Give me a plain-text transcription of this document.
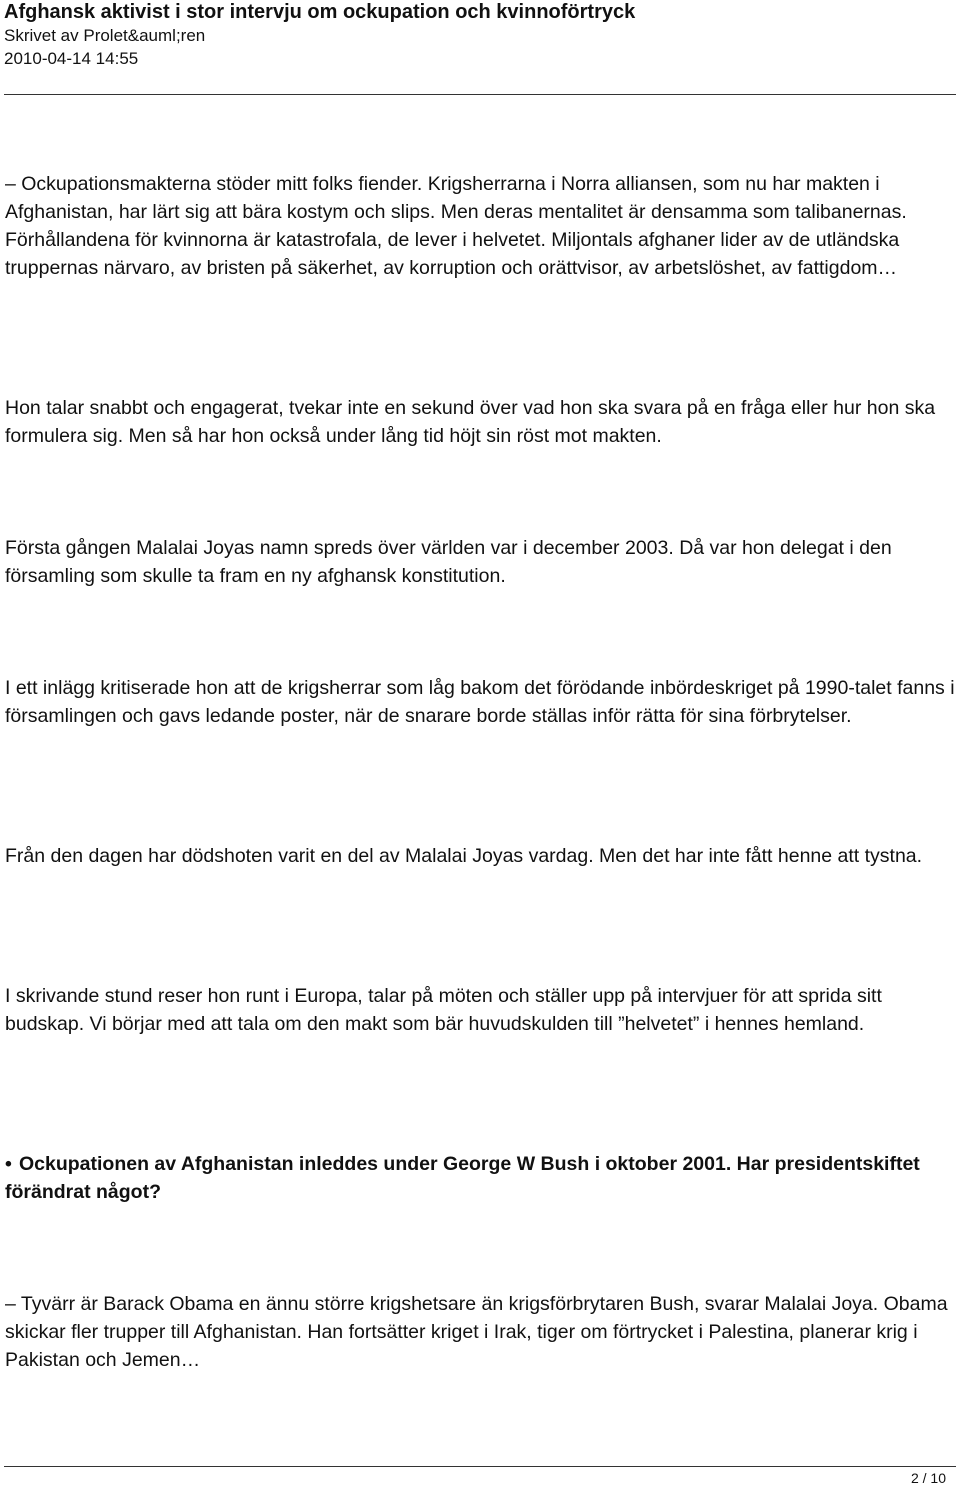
Afghansk aktivist i stor intervju om ockupation och kvinnoförtryck
Skrivet av Prolet&auml;ren
2010-04-14 14:55

– Ockupationsmakterna stöder mitt folks fiender. Krigsherrarna i Norra alliansen, som nu har makten i Afghanistan, har lärt sig att bära kostym och slips. Men deras mentalitet är densamma som talibanernas. Förhållandena för kvinnorna är katastrofala, de lever i helvetet. Miljontals afghaner lider av de utländska truppernas närvaro, av bristen på säkerhet, av korruption och orättvisor, av arbetslöshet, av fattigdom…

Hon talar snabbt och engagerat, tvekar inte en sekund över vad hon ska svara på en fråga eller hur hon ska formulera sig. Men så har hon också under lång tid höjt sin röst mot makten.

Första gången Malalai Joyas namn spreds över världen var i december 2003. Då var hon delegat i den församling som skulle ta fram en ny afghansk konstitution.

I ett inlägg kritiserade hon att de krigsherrar som låg bakom det förödande inbördeskriget på 1990-talet fanns i församlingen och gavs ledande poster, när de snarare borde ställas inför rätta för sina förbrytelser.

Från den dagen har dödshoten varit en del av Malalai Joyas vardag. Men det har inte fått henne att tystna.

I skrivande stund reser hon runt i Europa, talar på möten och ställer upp på intervjuer för att sprida sitt budskap. Vi börjar med att tala om den makt som bär huvudskulden till ”helvetet” i hennes hemland.

• Ockupationen av Afghanistan inleddes under George W Bush i oktober 2001. Har presidentskiftet förändrat något?

– Tyvärr är Barack Obama en ännu större krigshetsare än krigsförbrytaren Bush, svarar Malalai Joya. Obama skickar fler trupper till Afghanistan. Han fortsätter kriget i Irak, tiger om förtrycket i Palestina, planerar krig i Pakistan och Jemen…

2 / 10
